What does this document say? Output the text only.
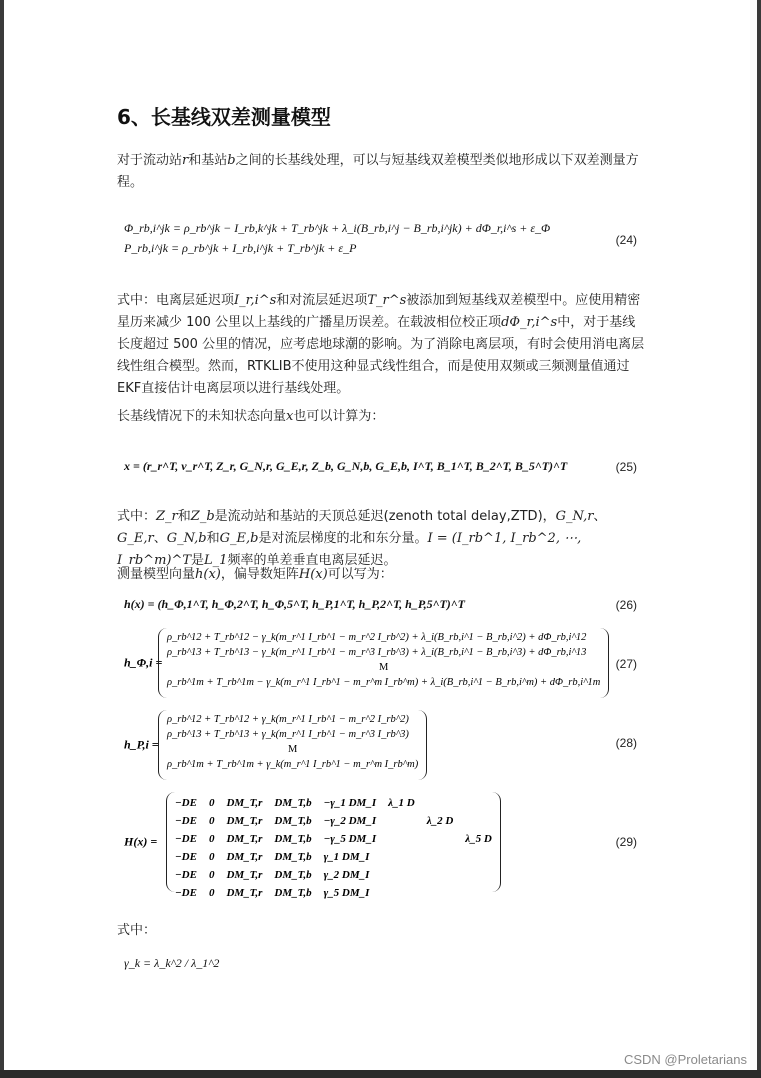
6、长基线双差测量模型

对于流动站r和基站b之间的长基线处理，可以与短基线双差模型类似地形成以下双差测量方程。

Φ_rb,i^jk = ρ_rb^jk − I_rb,k^jk + T_rb^jk + λ_i(B_rb,i^j − B_rb,i^jk) + dΦ_r,i^s + ε_Φ
P_rb,i^jk = ρ_rb^jk + I_rb,i^jk + T_rb^jk + ε_P
(24)

式中：电离层延迟项I_r,i^s和对流层延迟项T_r^s被添加到短基线双差模型中。应使用精密星历来减少 100 公里以上基线的广播星历误差。在载波相位校正项dΦ_r,i^s中，对于基线长度超过 500 公里的情况，应考虑地球潮的影响。为了消除电离层项，有时会使用消电离层线性组合模型。然而，RTKLIB不使用这种显式线性组合，而是使用双频或三频测量值通过EKF直接估计电离层项以进行基线处理。

长基线情况下的未知状态向量x也可以计算为：

x = (r_r^T, v_r^T, Z_r, G_N,r, G_E,r, Z_b, G_N,b, G_E,b, I^T, B_1^T, B_2^T, B_5^T)^T	(25)

式中：Z_r和Z_b是流动站和基站的天顶总延迟(zenoth total delay,ZTD)，G_N,r、G_E,r、G_N,b和G_E,b是对流层梯度的北和东分量。I = (I_rb^1, I_rb^2, ⋯, I_rb^m)^T是L_1频率的单差垂直电离层延迟。

测量模型向量h(x)，偏导数矩阵H(x)可以写为：

h(x) = (h_Φ,1^T, h_Φ,2^T, h_Φ,5^T, h_P,1^T, h_P,2^T, h_P,5^T)^T	(26)
h_Φ,i =
ρ_rb^12 + T_rb^12 − γ_k(m_r^1 I_rb^1 − m_r^2 I_rb^2) + λ_i(B_rb,i^1 − B_rb,i^2) + dΦ_rb,i^12
ρ_rb^13 + T_rb^13 − γ_k(m_r^1 I_rb^1 − m_r^3 I_rb^3) + λ_i(B_rb,i^1 − B_rb,i^3) + dΦ_rb,i^13
M
ρ_rb^1m + T_rb^1m − γ_k(m_r^1 I_rb^1 − m_r^m I_rb^m) + λ_i(B_rb,i^1 − B_rb,i^m) + dΦ_rb,i^1m
(27)
h_P,i =
ρ_rb^12 + T_rb^12 + γ_k(m_r^1 I_rb^1 − m_r^2 I_rb^2)
ρ_rb^13 + T_rb^13 + γ_k(m_r^1 I_rb^1 − m_r^3 I_rb^3)
M
ρ_rb^1m + T_rb^1m + γ_k(m_r^1 I_rb^1 − m_r^m I_rb^m)
(28)
H(x) =
−DE	0	DM_T,r	DM_T,b	−γ_1 DM_I	λ_1 D		
−DE	0	DM_T,r	DM_T,b	−γ_2 DM_I		λ_2 D	
−DE	0	DM_T,r	DM_T,b	−γ_5 DM_I			λ_5 D
−DE	0	DM_T,r	DM_T,b	γ_1 DM_I			
−DE	0	DM_T,r	DM_T,b	γ_2 DM_I			
−DE	0	DM_T,r	DM_T,b	γ_5 DM_I			
(29)

式中：

γ_k = λ_k^2 / λ_1^2
CSDN @Proletarians
